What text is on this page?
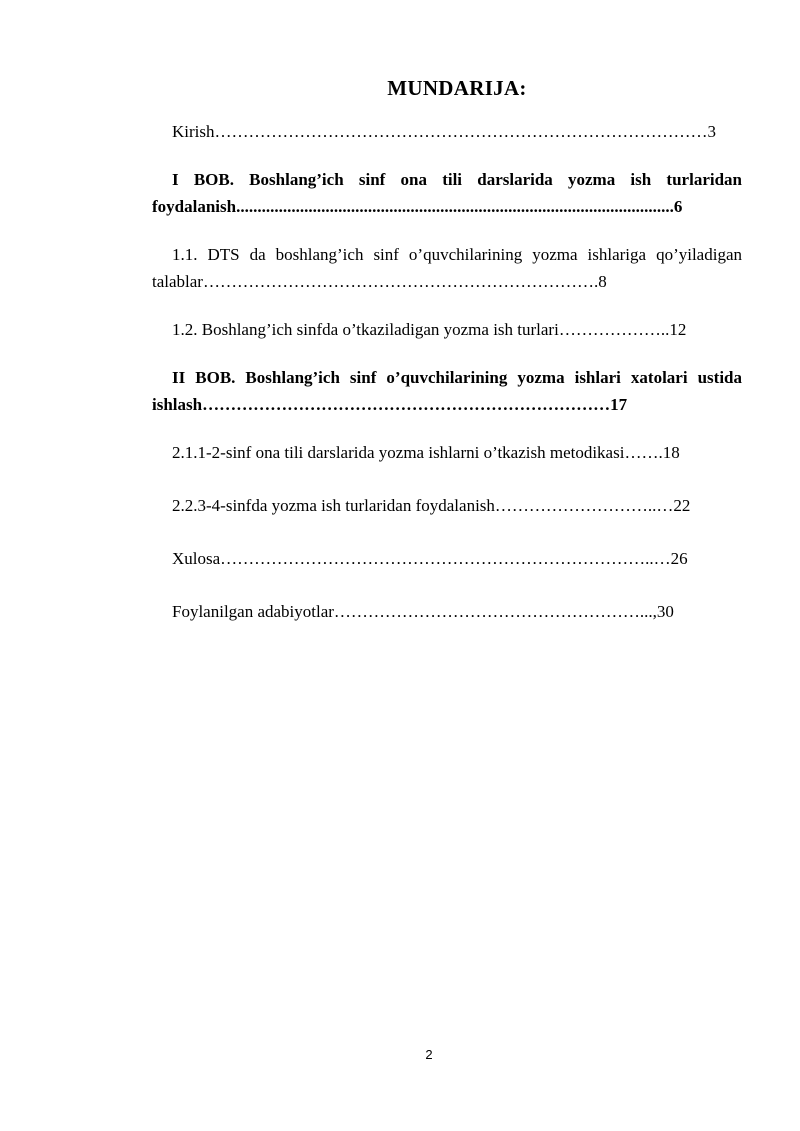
MUNDARIJA:

Kirish……………………………………………………………………………3

I BOB. Boshlang’ich sinf ona tili darslarida yozma ish turlaridan foydalanish.......................................................................................................6

1.1. DTS da boshlang’ich sinf o’quvchilarining yozma ishlariga qo’yiladigan talablar…………………………………………………………….8

1.2. Boshlang’ich sinfda o’tkaziladigan yozma ish turlari………………..12

II BOB. Boshlang’ich sinf o’quvchilarining yozma ishlari xatolari ustida ishlash………………………………………………………………17

2.1.1-2-sinf ona tili darslarida yozma ishlarni o’tkazish metodikasi…….18

2.2.3-4-sinfda yozma ish turlaridan foydalanish………………………..…22

Xulosa…………………………………………………………………..…26

Foylanilgan adabiyotlar………………………………………………...,30

2
